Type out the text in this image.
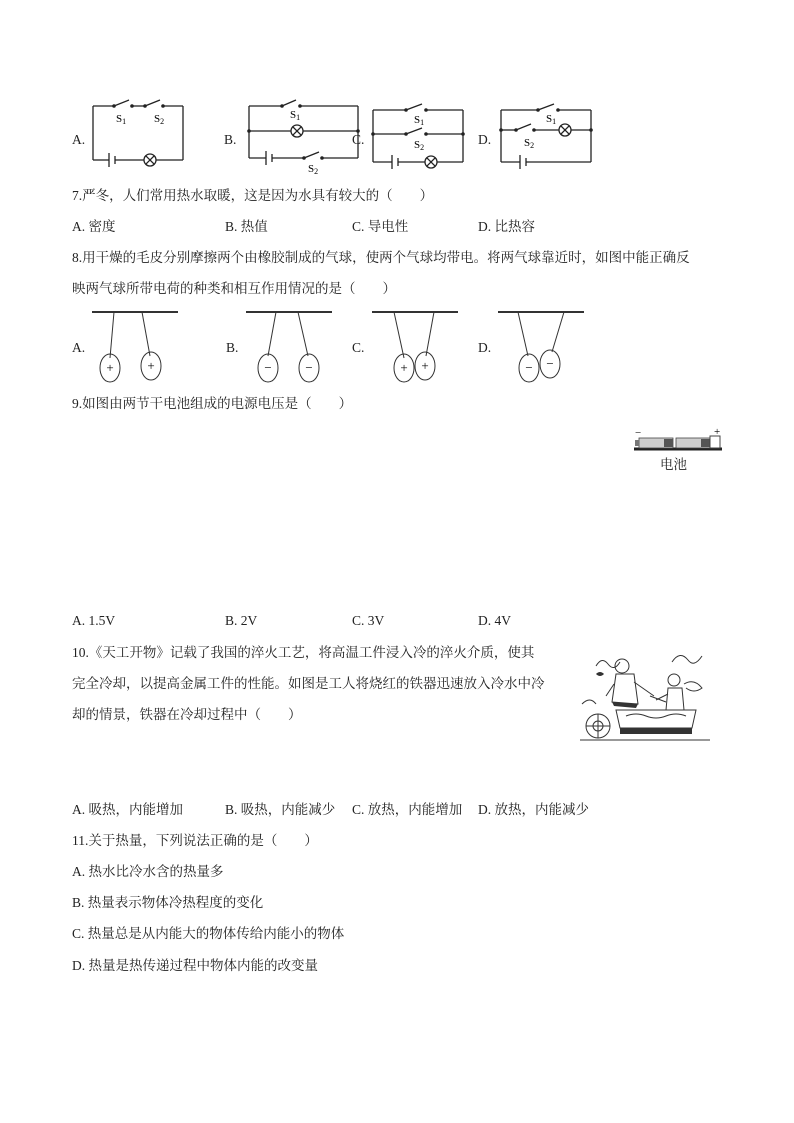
A.
S1	S2
B.
S1
S2
C.
S1
S2
D.
S1
S2
7.严冬，人们常用热水取暖，这是因为水具有较大的（　　）
A. 密度	B. 热值	C. 导电性	D. 比热容
8.用干燥的毛皮分别摩擦两个由橡胶制成的气球，使两个气球均带电。将两气球靠近时，如图中能正确反
映两气球所带电荷的种类和相互作用情况的是（　　）
A.
+	+
B.
−	−
C.
+ +
D.
− −
9.如图由两节干电池组成的电源电压是（　　）
−	+
电池
A. 1.5V	B. 2V	C. 3V	D. 4V
10.《天工开物》记载了我国的淬火工艺，将高温工件浸入冷的淬火介质，使其
完全冷却，以提高金属工件的性能。如图是工人将烧红的铁器迅速放入冷水中冷
却的情景，铁器在冷却过程中（　　）
A. 吸热，内能增加	B. 吸热，内能减少 C. 放热，内能增加 D. 放热，内能减少
11.关于热量，下列说法正确的是（　　）
A. 热水比冷水含的热量多
B. 热量表示物体冷热程度的变化
C. 热量总是从内能大的物体传给内能小的物体
D. 热量是热传递过程中物体内能的改变量
